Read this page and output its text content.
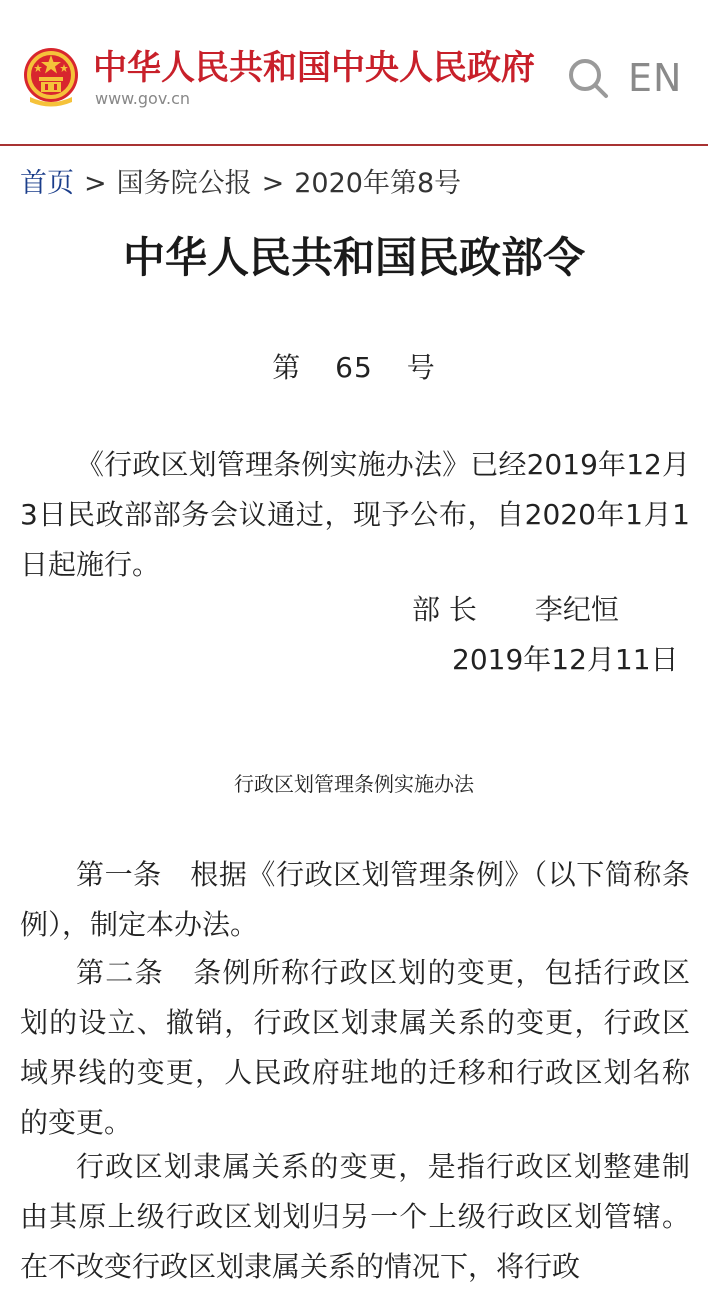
中华人民共和国中央人民政府
www.gov.cn	EN
首页 > 国务院公报 > 2020年第8号
中华人民共和国民政部令
第 65 号
《行政区划管理条例实施办法》已经2019年12月3日民政部部务会议通过，现予公布，自2020年1月1日起施行。
部 长 李纪恒
2019年12月11日
行政区划管理条例实施办法
第一条　 根据《行政区划管理条例》（以下简称条例），制定本办法。
第二条　 条例所称行政区划的变更，包括行政区划的设立、撤销，行政区划隶属关系的变更，行政区域界线的变更，人民政府驻地的迁移和行政区划名称的变更。
行政区划隶属关系的变更，是指行政区划整建制由其原上级行政区划划归另一个上级行政区划管辖。在不改变行政区划隶属关系的情况下，将行政
